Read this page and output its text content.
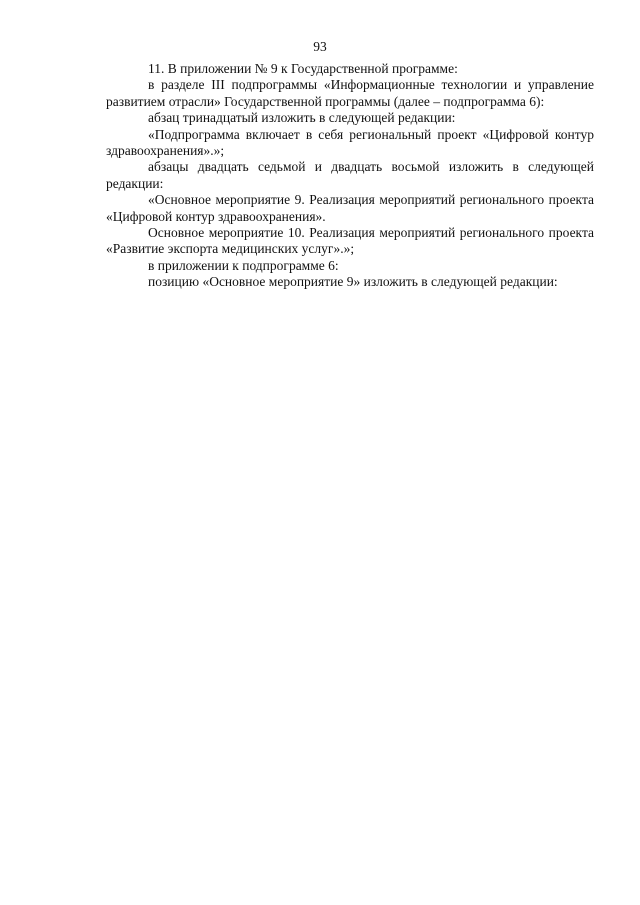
93

11. В приложении № 9 к Государственной программе:

в разделе III подпрограммы «Информационные технологии и управление развитием отрасли» Государственной программы (далее – подпрограмма 6):

абзац тринадцатый изложить в следующей редакции:

«Подпрограмма включает в себя региональный проект «Цифровой контур здравоохранения».»;

абзацы двадцать седьмой и двадцать восьмой изложить в следующей редакции:

«Основное мероприятие 9. Реализация мероприятий регионального проекта «Цифровой контур здравоохранения».

Основное мероприятие 10. Реализация мероприятий регионального проекта «Развитие экспорта медицинских услуг».»;

в приложении к подпрограмме 6:

позицию «Основное мероприятие 9» изложить в следующей редакции:
